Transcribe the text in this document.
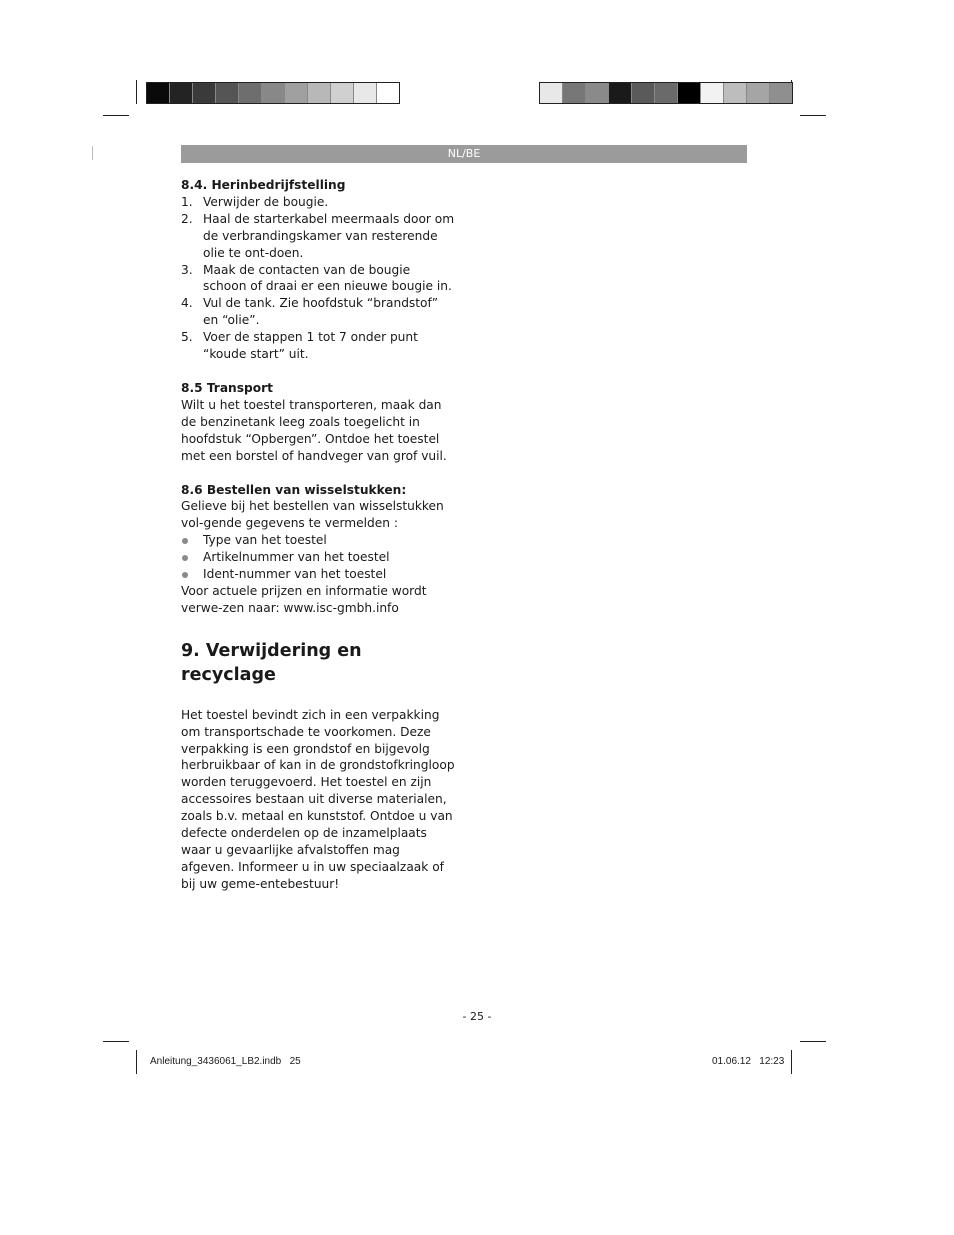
NL/BE
8.4. Herinbedrijfstelling
1. Verwijder de bougie.
2. Haal de starterkabel meermaals door om de verbrandingskamer van resterende olie te ont-doen.
3. Maak de contacten van de bougie schoon of draai er een nieuwe bougie in.
4. Vul de tank. Zie hoofdstuk “brandstof” en “olie”.
5. Voer de stappen 1 tot 7 onder punt “koude start” uit.
8.5 Transport

Wilt u het toestel transporteren, maak dan de benzinetank leeg zoals toegelicht in hoofdstuk “Opbergen”. Ontdoe het toestel met een borstel of handveger van grof vuil.

8.6 Bestellen van wisselstukken:

Gelieve bij het bestellen van wisselstukken vol-gende gegevens te vermelden :

Type van het toestel
Artikelnummer van het toestel
Ident-nummer van het toestel

Voor actuele prijzen en informatie wordt verwe-zen naar: www.isc-gmbh.info

9. Verwijdering en recyclage

Het toestel bevindt zich in een verpakking om transportschade te voorkomen. Deze verpakking is een grondstof en bijgevolg herbruikbaar of kan in de grondstofkringloop worden teruggevoerd. Het toestel en zijn accessoires bestaan uit diverse materialen, zoals b.v. metaal en kunststof. Ontdoe u van defecte onderdelen op de inzamelplaats waar u gevaarlijke afvalstoffen mag afgeven. Informeer u in uw speciaalzaak of bij uw geme-entebestuur!

- 25 -
Anleitung_3436061_LB2.indb   25	01.06.12   12:23
